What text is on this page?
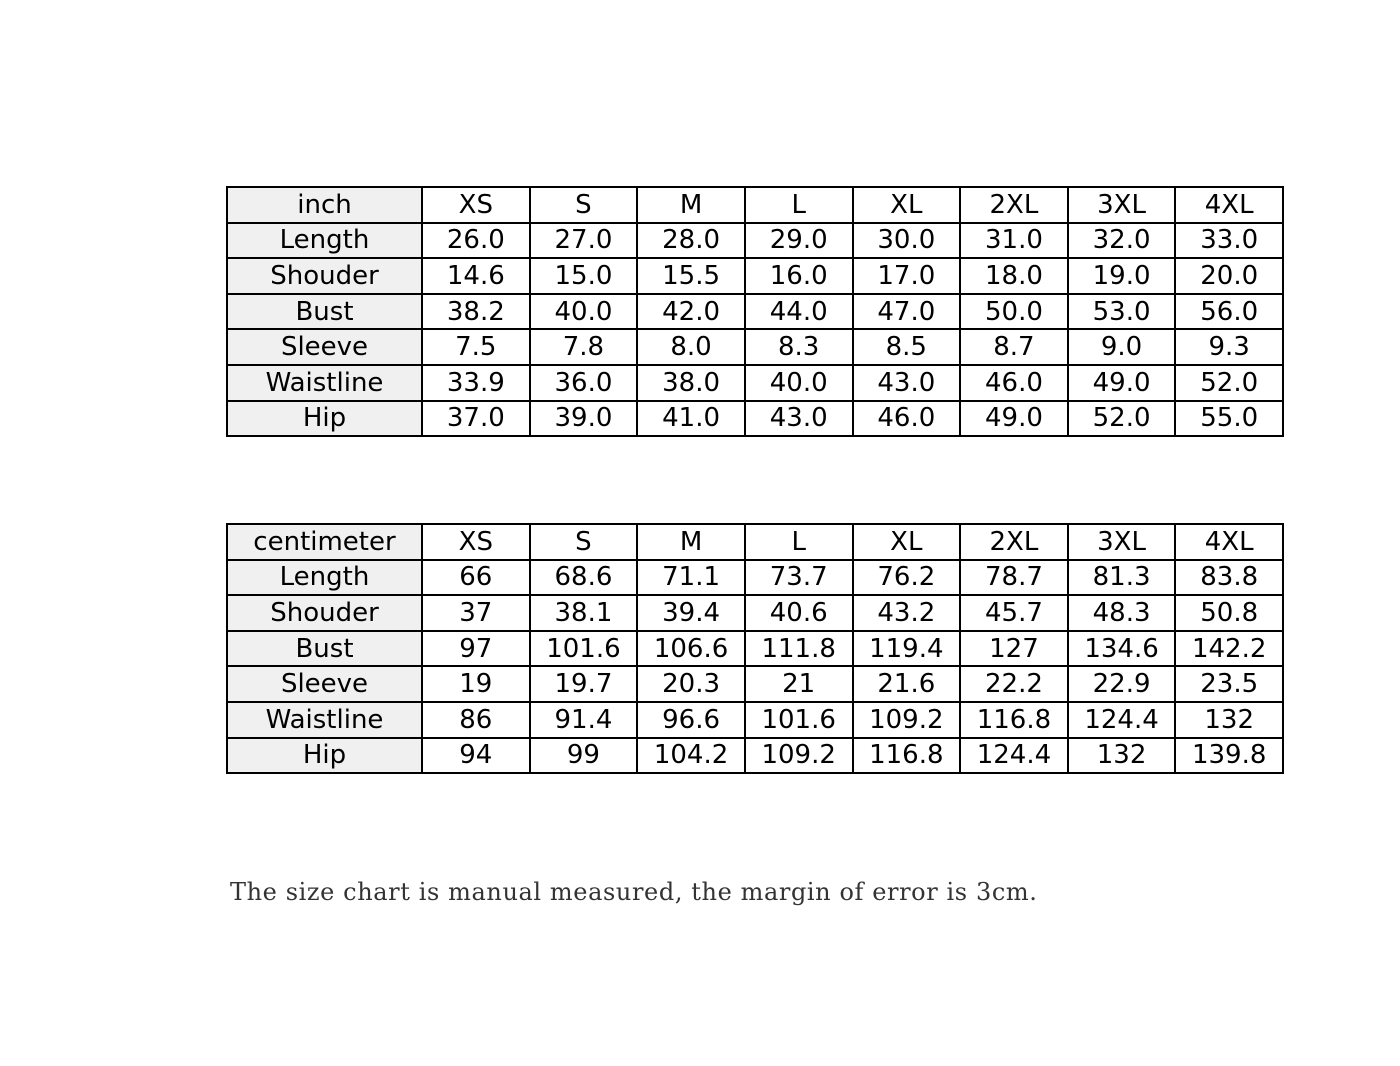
inch	XS	S	M	L	XL	2XL	3XL	4XL
Length	26.0	27.0	28.0	29.0	30.0	31.0	32.0	33.0
Shouder	14.6	15.0	15.5	16.0	17.0	18.0	19.0	20.0
Bust	38.2	40.0	42.0	44.0	47.0	50.0	53.0	56.0
Sleeve	7.5	7.8	8.0	8.3	8.5	8.7	9.0	9.3
Waistline	33.9	36.0	38.0	40.0	43.0	46.0	49.0	52.0
Hip	37.0	39.0	41.0	43.0	46.0	49.0	52.0	55.0
centimeter	XS	S	M	L	XL	2XL	3XL	4XL
Length	66	68.6	71.1	73.7	76.2	78.7	81.3	83.8
Shouder	37	38.1	39.4	40.6	43.2	45.7	48.3	50.8
Bust	97	101.6	106.6	111.8	119.4	127	134.6	142.2
Sleeve	19	19.7	20.3	21	21.6	22.2	22.9	23.5
Waistline	86	91.4	96.6	101.6	109.2	116.8	124.4	132
Hip	94	99	104.2	109.2	116.8	124.4	132	139.8
The size chart is manual measured, the margin of error is 3cm.
